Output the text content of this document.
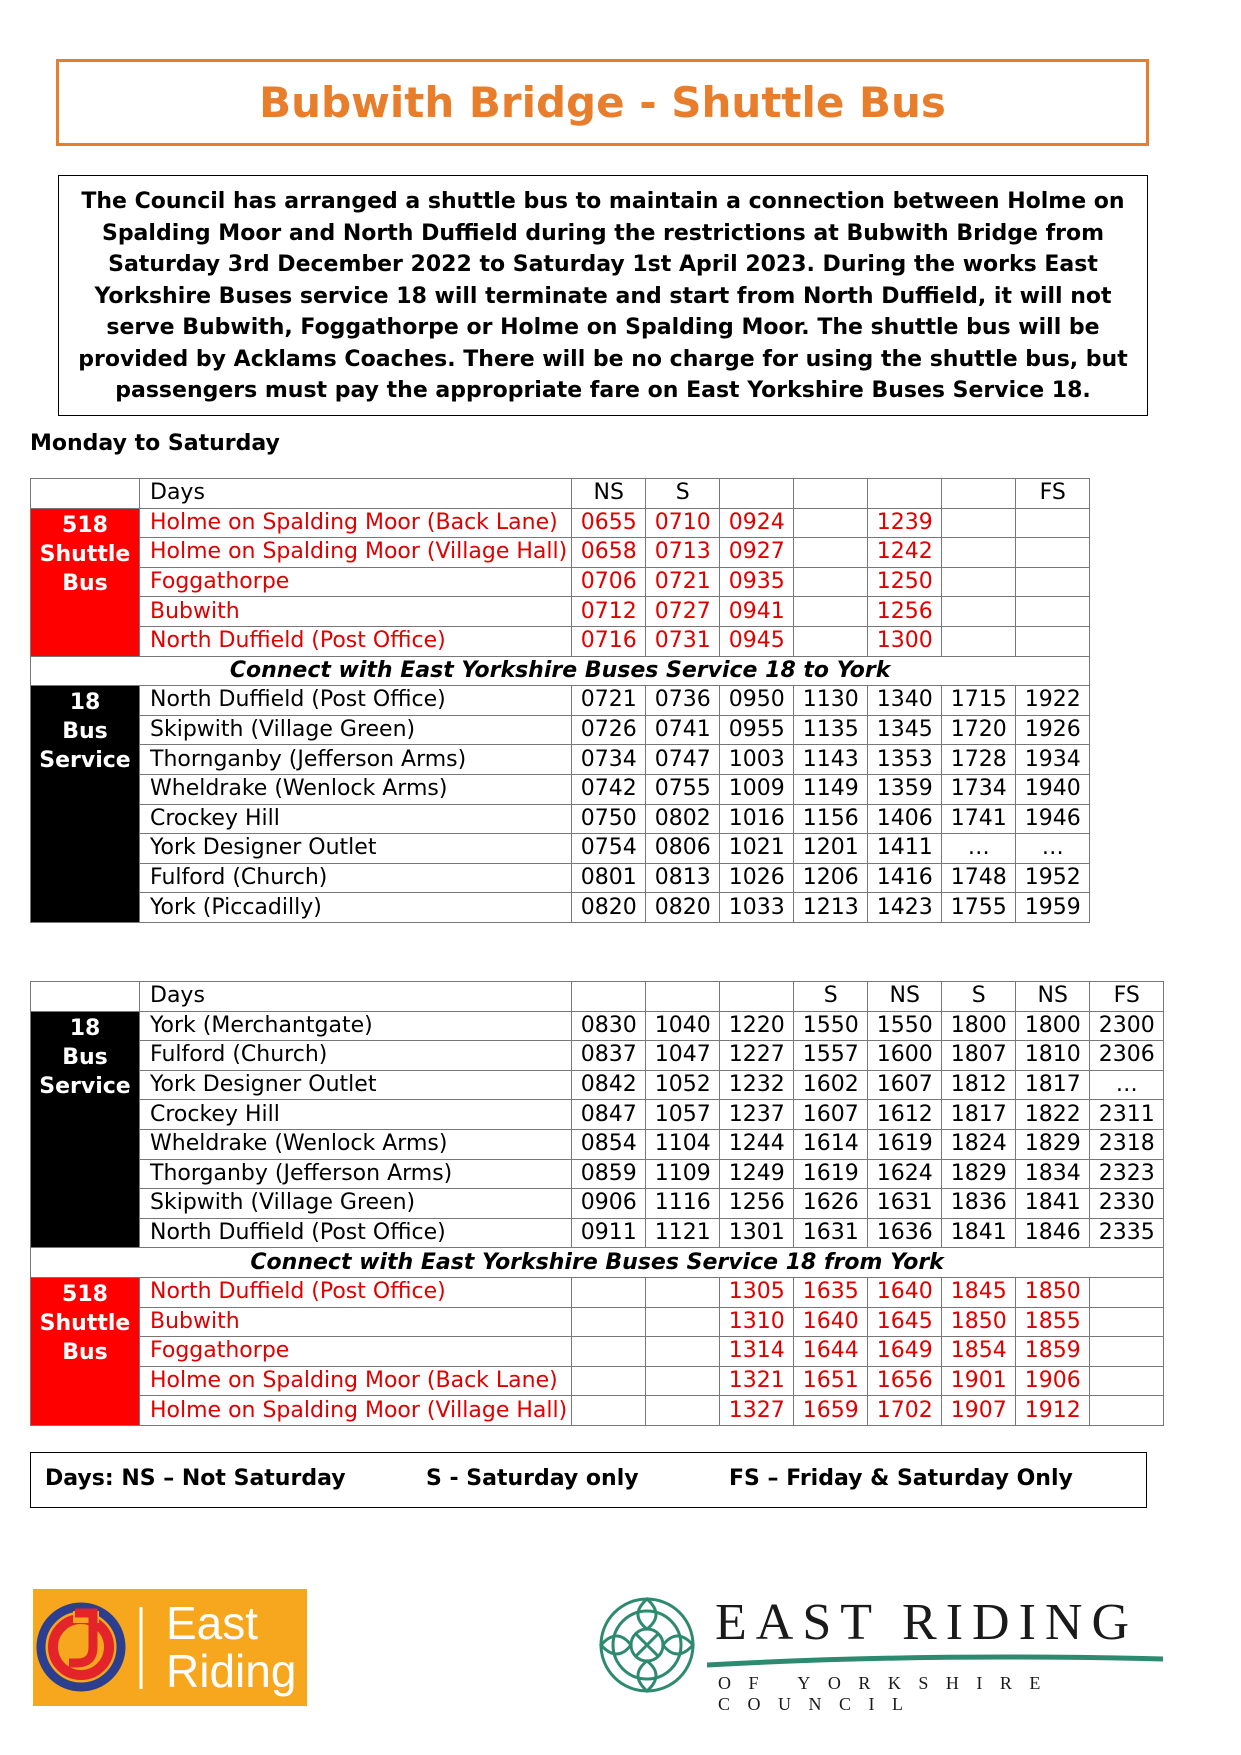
Bubwith Bridge - Shuttle Bus
The Council has arranged a shuttle bus to maintain a connection between Holme on Spalding Moor and North Duffield during the restrictions at Bubwith Bridge from Saturday 3rd December 2022 to Saturday 1st April 2023. During the works East Yorkshire Buses service 18 will terminate and start from North Duffield, it will not serve Bubwith, Foggathorpe or Holme on Spalding Moor. The shuttle bus will be provided by Acklams Coaches. There will be no charge for using the shuttle bus, but passengers must pay the appropriate fare on East Yorkshire Buses Service 18.
Monday to Saturday
	Days	NS	S					FS

518
Shuttle
Bus	Holme on Spalding Moor (Back Lane)	0655	0710	0924		1239		
	Holme on Spalding Moor (Village Hall)	0658	0713	0927		1242		
	Foggathorpe	0706	0721	0935		1250		
	Bubwith	0712	0727	0941		1256		
	North Duffield (Post Office)	0716	0731	0945		1300		
Connect with East Yorkshire Buses Service 18 to York								

18
Bus
Service	North Duffield (Post Office)	0721	0736	0950	1130	1340	1715	1922
	Skipwith (Village Green)	0726	0741	0955	1135	1345	1720	1926
	Thornganby (Jefferson Arms)	0734	0747	1003	1143	1353	1728	1934
	Wheldrake (Wenlock Arms)	0742	0755	1009	1149	1359	1734	1940
	Crockey Hill	0750	0802	1016	1156	1406	1741	1946
	York Designer Outlet	0754	0806	1021	1201	1411	…	…
	Fulford (Church)	0801	0813	1026	1206	1416	1748	1952
	York (Piccadilly)	0820	0820	1033	1213	1423	1755	1959
	Days				S	NS	S	NS	FS

18
Bus
Service	York (Merchantgate)	0830	1040	1220	1550	1550	1800	1800	2300
	Fulford (Church)	0837	1047	1227	1557	1600	1807	1810	2306
	York Designer Outlet	0842	1052	1232	1602	1607	1812	1817	…
	Crockey Hill	0847	1057	1237	1607	1612	1817	1822	2311
	Wheldrake (Wenlock Arms)	0854	1104	1244	1614	1619	1824	1829	2318
	Thorganby (Jefferson Arms)	0859	1109	1249	1619	1624	1829	1834	2323
	Skipwith (Village Green)	0906	1116	1256	1626	1631	1836	1841	2330
	North Duffield (Post Office)	0911	1121	1301	1631	1636	1841	1846	2335
Connect with East Yorkshire Buses Service 18 from York									

518
Shuttle
Bus	North Duffield (Post Office)			1305	1635	1640	1845	1850	
	Bubwith			1310	1640	1645	1850	1855	
	Foggathorpe			1314	1644	1649	1854	1859	
	Holme on Spalding Moor (Back Lane)			1321	1651	1656	1901	1906	
	Holme on Spalding Moor (Village Hall)			1327	1659	1702	1907	1912	
Days: NS – Not Saturday	S - Saturday only	FS – Friday & Saturday Only
East
Riding
EAST RIDING
OF YORKSHIRE COUNCIL
